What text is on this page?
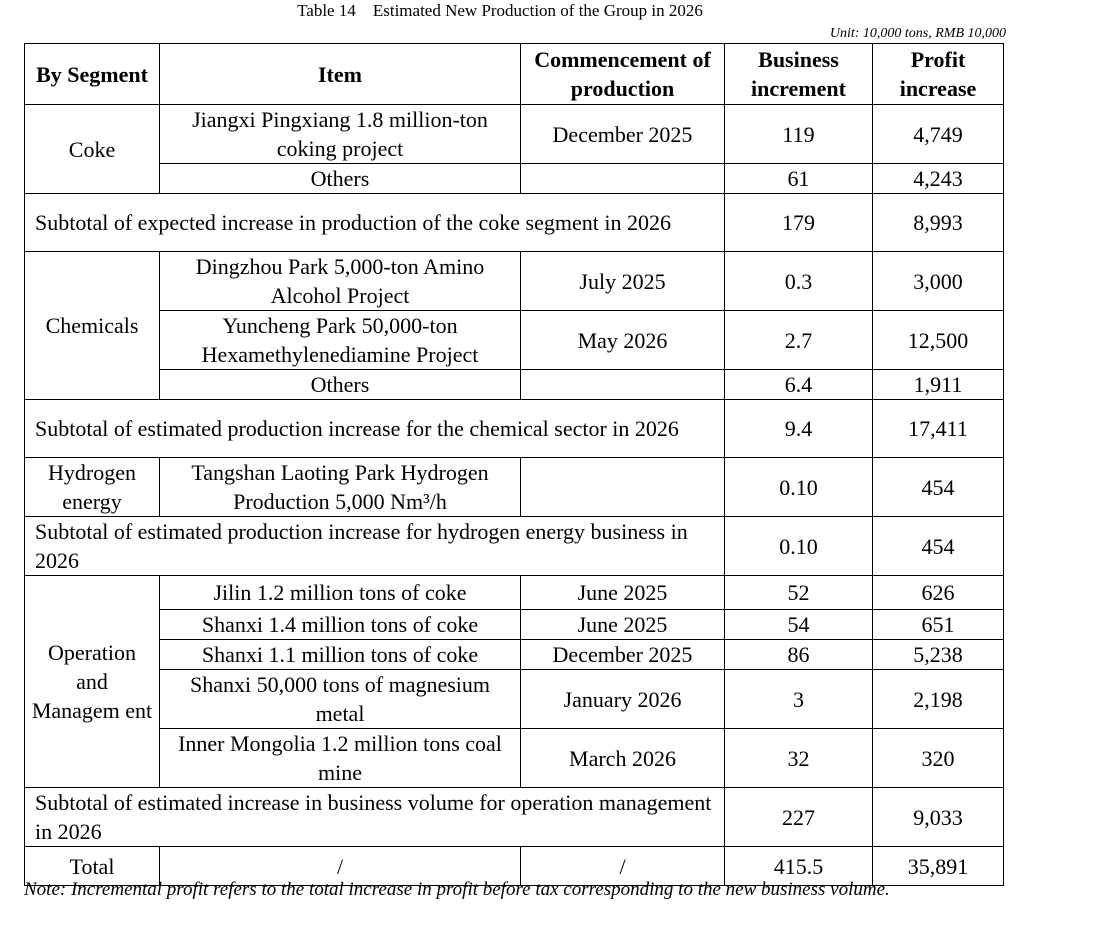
Table 14    Estimated New Production of the Group in 2026
Unit: 10,000 tons, RMB 10,000
By Segment	Item	Commencement of production	Business increment	Profit increase
Coke	Jiangxi Pingxiang 1.8 million-ton coking project	December 2025	119	4,749
	Others		61	4,243
Subtotal of expected increase in production of the coke segment in 2026			179	8,993
Chemicals	Dingzhou Park 5,000-ton Amino Alcohol Project	July 2025	0.3	3,000
	Yuncheng Park 50,000-ton Hexamethylenediamine Project	May 2026	2.7	12,500
	Others		6.4	1,911
Subtotal of estimated production increase for the chemical sector in 2026			9.4	17,411
Hydrogen energy	Tangshan Laoting Park Hydrogen Production 5,000 Nm³/h		0.10	454
Subtotal of estimated production increase for hydrogen energy business in 2026			0.10	454
Operation and Managem ent	Jilin 1.2 million tons of coke	June 2025	52	626
	Shanxi 1.4 million tons of coke	June 2025	54	651
	Shanxi 1.1 million tons of coke	December 2025	86	5,238
	Shanxi 50,000 tons of magnesium metal	January 2026	3	2,198
	Inner Mongolia 1.2 million tons coal mine	March 2026	32	320
Subtotal of estimated increase in business volume for operation management in 2026			227	9,033
Total	/	/	415.5	35,891
Note: Incremental profit refers to the total increase in profit before tax corresponding to the new business volume.
